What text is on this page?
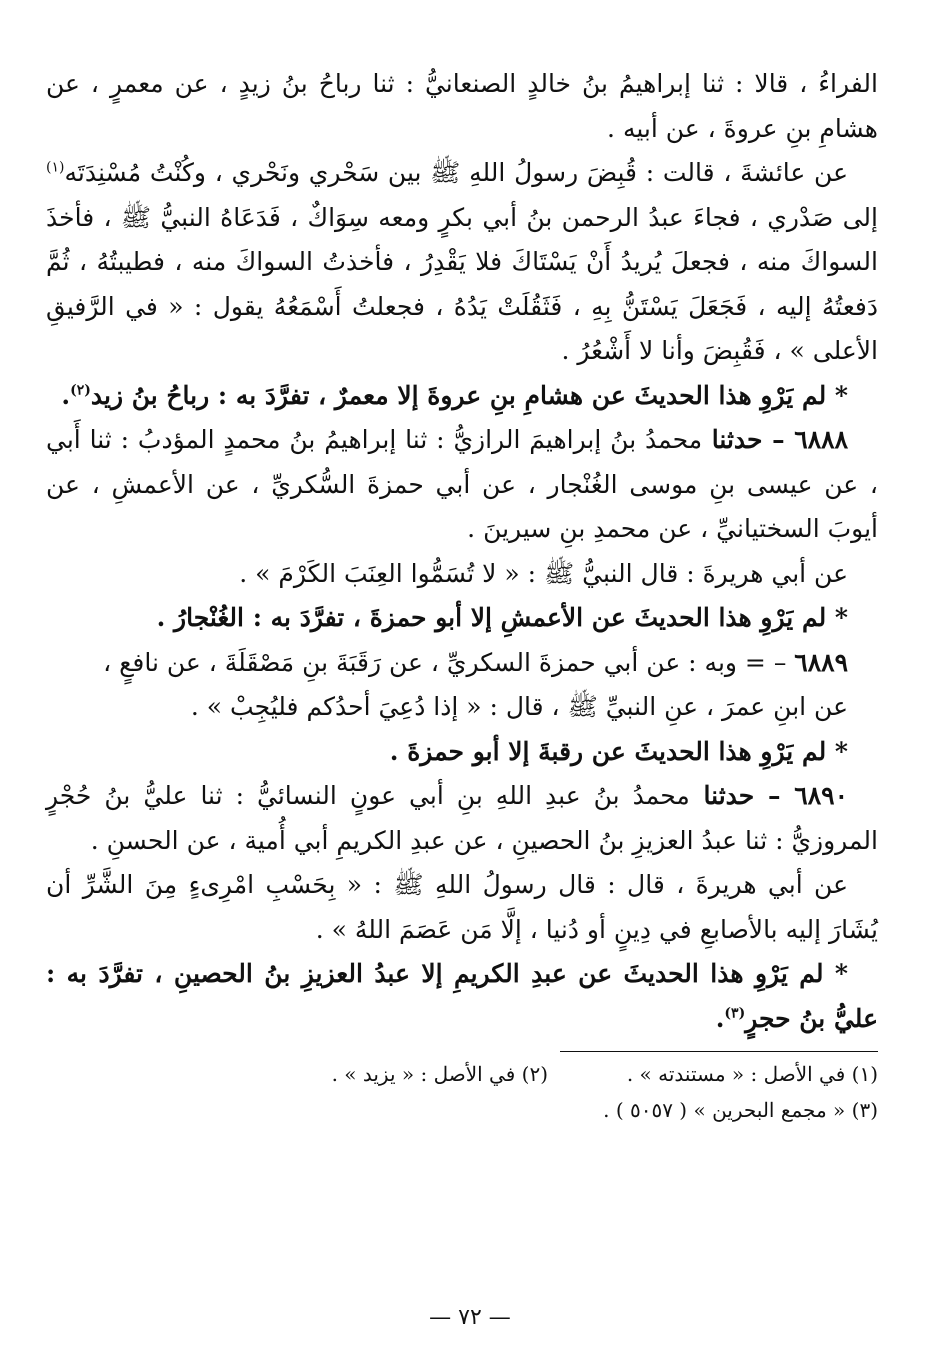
الفراءُ ، قالا : ثنا إبراهيمُ بنُ خالدٍ الصنعانيُّ : ثنا رباحُ بنُ زيدٍ ، عن معمرٍ ، عن هشامِ بنِ عروةَ ، عن أبيه .

عن عائشةَ ، قالت : قُبِضَ رسولُ اللهِ ﷺ بين سَحْري ونَحْري ، وكُنْتُ مُسْنِدَتَه$^{(١)}$ إلى صَدْري ، فجاءَ عبدُ الرحمن بنُ أبي بكرٍ ومعه سِوَاكٌ ، فَدَعَاهُ النبيُّ ﷺ ، فأخذَ السواكَ منه ، فجعلَ يُريدُ أَنْ يَسْتَاكَ فلا يَقْدِرُ ، فأخذتُ السواكَ منه ، فطيبتُهُ ، ثُمَّ دَفعتُهُ إليه ، فَجَعَلَ يَسْتَنُّ بِهِ ، فَثَقُلَتْ يَدُهُ ، فجعلتُ أَسْمَعُهُ يقول : « في الرَّفيقِ الأعلى » ، فَقُبِضَ وأنا لا أَشْعُرُ .

* لم يَرْوِ هذا الحديثَ عن هشامِ بنِ عروةَ إلا معمرٌ ، تفرَّدَ به : رباحُ بنُ زيد$^{(٢)}$.

٦٨٨٨ – حدثنا محمدُ بنُ إبراهيمَ الرازيُّ : ثنا إبراهيمُ بنُ محمدٍ المؤدبُ : ثنا أَبي ، عن عيسى بنِ موسى الغُنْجار ، عن أبي حمزةَ السُّكريِّ ، عن الأعمشِ ، عن أيوبَ السختيانيِّ ، عن محمدِ بنِ سيرينَ .

عن أبي هريرةَ : قال النبيُّ ﷺ : « لا تُسَمُّوا العِنَبَ الكَرْمَ » .

* لم يَرْوِ هذا الحديثَ عن الأعمشِ إلا أبو حمزةَ ، تفرَّدَ به : الغُنْجارُ .

٦٨٨٩ – = وبه : عن أبي حمزةَ السكريِّ ، عن رَقَبَةَ بنِ مَصْقَلَةَ ، عن نافعٍ ،

عن ابنِ عمرَ ، عنِ النبيِّ ﷺ ، قال : « إذا دُعِيَ أحدُكم فليُجِبْ » .

* لم يَرْوِ هذا الحديثَ عن رقبةَ إلا أبو حمزةَ .

٦٨٩٠ – حدثنا محمدُ بنُ عبدِ اللهِ بنِ أبي عونٍ النسائيُّ : ثنا عليُّ بنُ حُجْرٍ المروزيُّ : ثنا عبدُ العزيزِ بنُ الحصينِ ، عن عبدِ الكريمِ أبي أُمية ، عن الحسنِ .

عن أبي هريرةَ ، قال : قال رسولُ اللهِ ﷺ : « بِحَسْبِ امْرِىءٍ مِنَ الشَّرِّ أن يُشَارَ إليه بالأصابعِ في دِينٍ أو دُنيا ، إلَّا مَن عَصَمَ اللهُ » .

* لم يَرْوِ هذا الحديثَ عن عبدِ الكريمِ إلا عبدُ العزيزِ بنُ الحصينِ ، تفرَّدَ به : عليُّ بنُ حجرٍ$^{(٣)}$.

(١) في الأصل : « مستندته » .
(٢) في الأصل : « يزيد » .
(٣) « مجمع البحرين » ( ٥٠٥٧ ) .
— ٧٢ —
